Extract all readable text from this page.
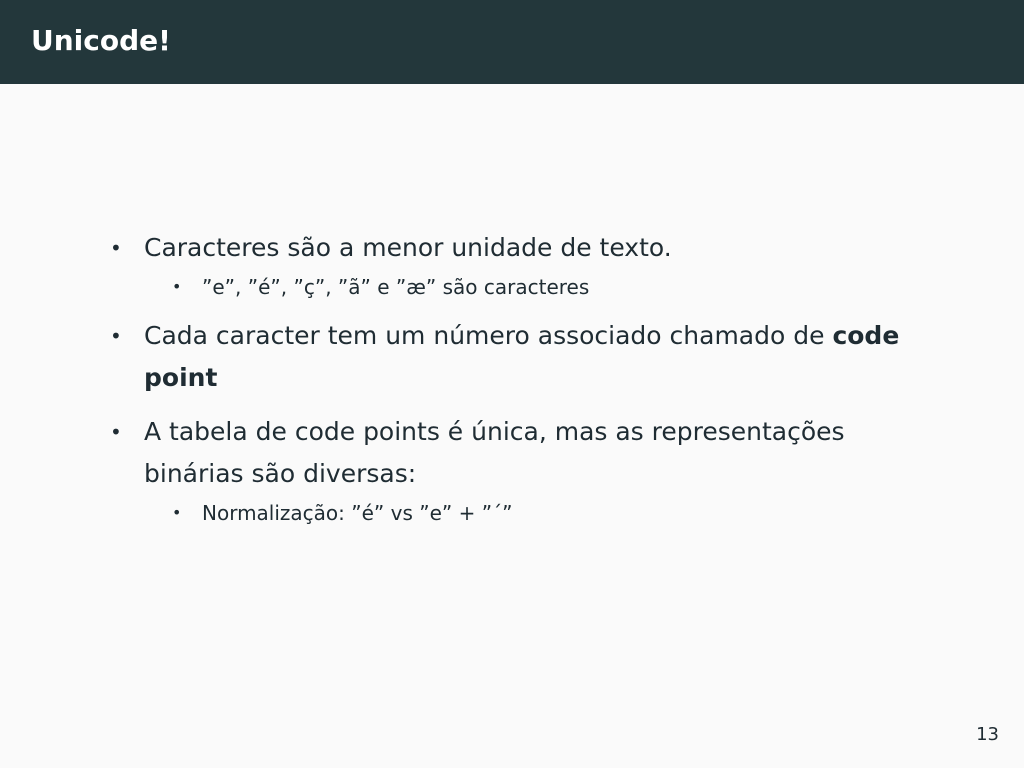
Unicode!
• Caracteres são a menor unidade de texto.
• ”e”, ”é”, ”ç”, ”ã” e ”æ” são caracteres
• Cada caracter tem um número associado chamado de code point
• A tabela de code points é única, mas as representações binárias são diversas:
• Normalização: ”é” vs ”e” + ”´”
13
